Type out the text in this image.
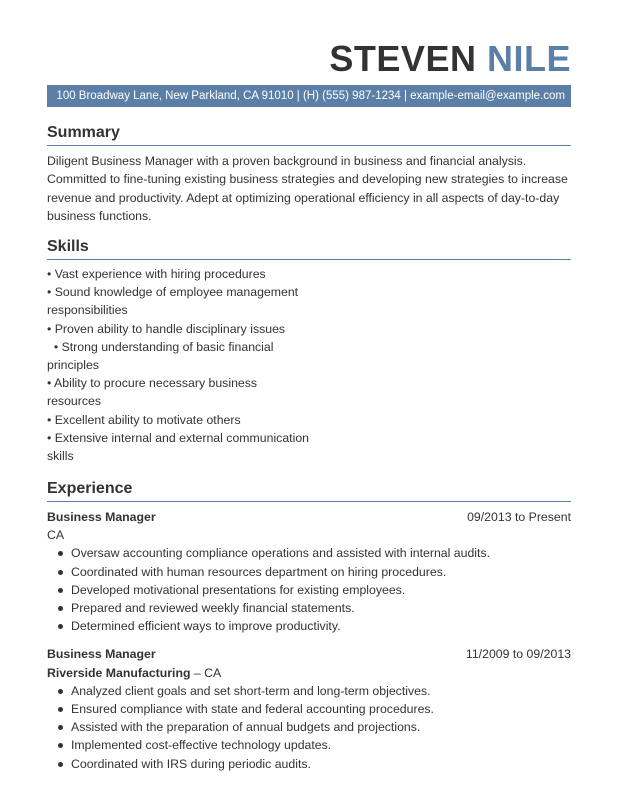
STEVEN NILE
100 Broadway Lane, New Parkland, CA 91010 | (H) (555) 987-1234 | example-email@example.com
Summary

Diligent Business Manager with a proven background in business and financial analysis. Committed to fine-tuning existing business strategies and developing new strategies to increase revenue and productivity. Adept at optimizing operational efficiency in all aspects of day-to-day business functions.

Skills
• Vast experience with hiring procedures
• Sound knowledge of employee management responsibilities
• Proven ability to handle disciplinary issues
• Strong understanding of basic financial principles
• Ability to procure necessary business resources
• Excellent ability to motivate others
• Extensive internal and external communication skills
Experience
Business Manager	09/2013 to Present
CA
Oversaw accounting compliance operations and assisted with internal audits.
Coordinated with human resources department on hiring procedures.
Developed motivational presentations for existing employees.
Prepared and reviewed weekly financial statements.
Determined efficient ways to improve productivity.
Business Manager	11/2009 to 09/2013
Riverside Manufacturing – CA
Analyzed client goals and set short-term and long-term objectives.
Ensured compliance with state and federal accounting procedures.
Assisted with the preparation of annual budgets and projections.
Implemented cost-effective technology updates.
Coordinated with IRS during periodic audits.
